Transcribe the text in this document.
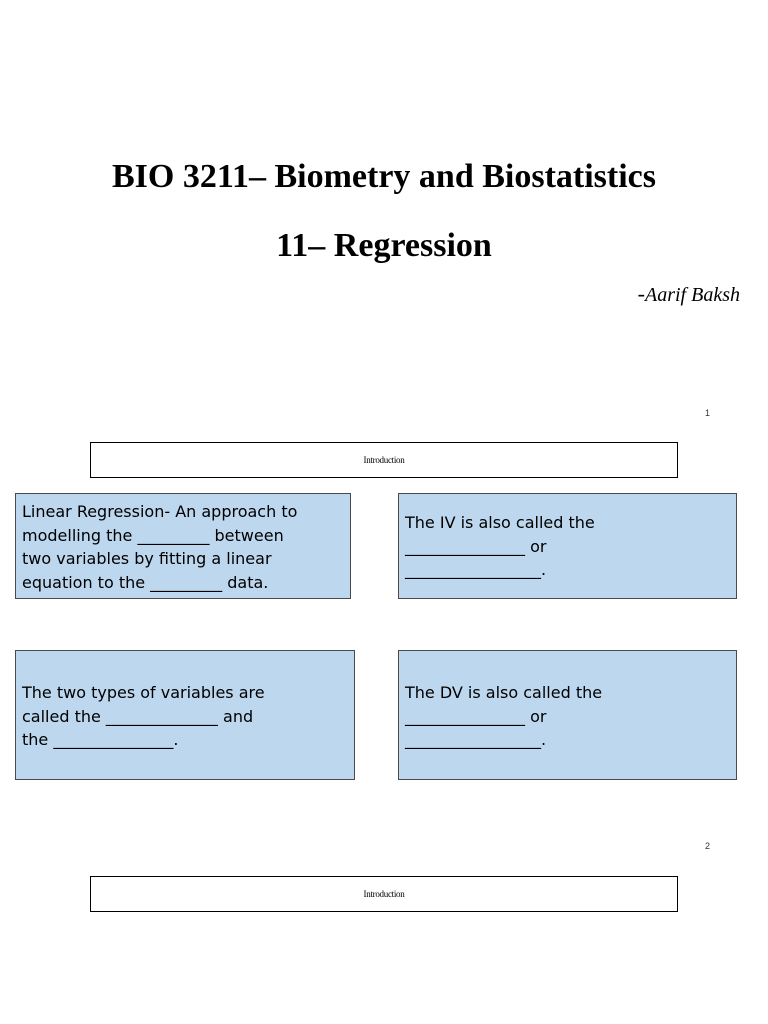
BIO 3211– Biometry and Biostatistics
11– Regression
-Aarif Baksh
1
Introduction
Linear Regression- An approach to
modelling the _________ between
two variables by fitting a linear
equation to the _________ data.
The IV is also called the
_______________ or
_________________.
The two types of variables are
called the ______________ and
the _______________.
The DV is also called the
_______________ or
_________________.
2
Introduction
